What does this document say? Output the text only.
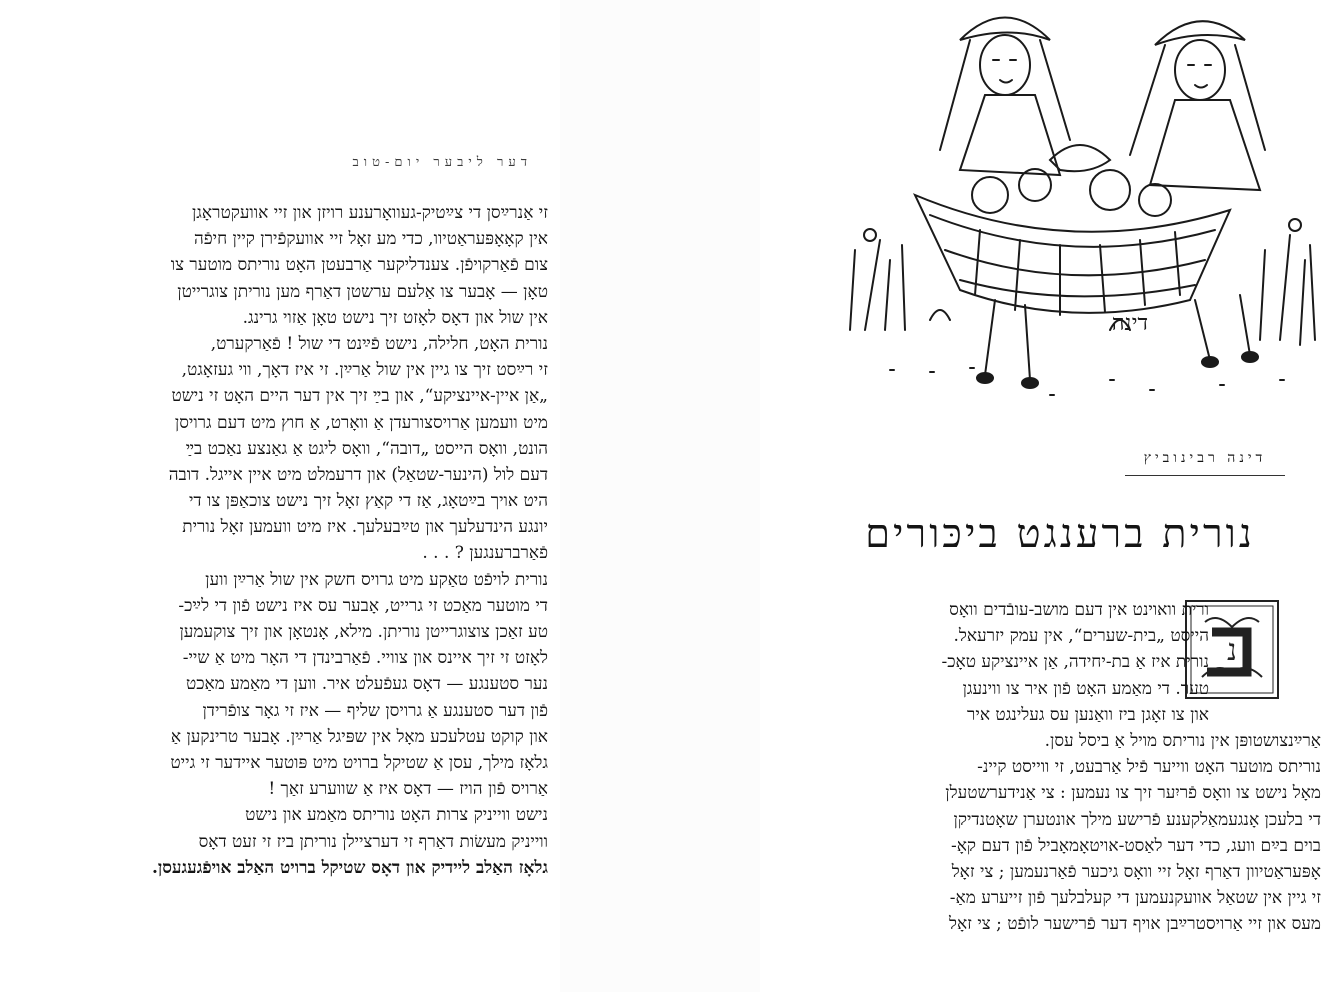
דער ליבער יום-טוב
זי אַנרײַסן די צײַטיק-געוואָרענע רויזן און זיי אוועקטראָגן
אין קאָאָפּעראַטיוו, כדי מע זאָל זיי אוועקפֿירן קיין חיפֿה
צום פֿאַרקויפֿן. צענדליקער אַרבעטן האָט נוריתס מוטער צו
טאָן — אָבער צו אַלעם ערשטן דאַרף מען נוריתן צוגרייטן
אין שול און דאָס לאָזט זיך נישט טאָן אַזוי גרינג.
נורית האָט, חלילה, נישט פֿײַנט די שול ! פֿאַרקערט,
זי רײַסט זיך צו גיין אין שול אַרײַן. זי איז דאָך, ווי געזאָגט,
„אַן איין-איינציקע“, און בײַ זיך אין דער היים האָט זי נישט
מיט וועמען אַרויסצורעדן אַ וואָרט, אַ חוץ מיט דעם גרויסן
הונט, וואָס הייסט „דובה“, וואָס ליגט אַ גאַנצע נאַכט בײַ
דעם לול (הינער-שטאַל) און דרעמלט מיט איין אייגל. דובה
היט אויך בײַטאָג, אַז די קאַץ זאָל זיך נישט צוכאַפּן צו די
יונגע הינדעלעך און טײַבעלעך. איז מיט וועמען זאָל נורית
פֿאַרברענגען ? . . .
נורית לויפֿט טאַקע מיט גרויס חשק אין שול אַרײַן ווען
די מוטער מאַכט זי גרייט, אָבער עס איז נישט פֿון די לײַכ-
טע זאַכן צוצוגרייטן נוריתן. מילא, אָנטאָן און זיך צוקעמען
לאָזט זי זיך איינס און צוויי. פֿאַרבינדן די האָר מיט אַ שיי-
נער סטענגע — דאָס געפֿעלט איר. ווען די מאַמע מאַכט
פֿון דער סטענגע אַ גרויסן שליף — איז זי גאָר צופֿרידן
און קוקט עטלעכע מאָל אין שפּיגל אַרײַן. אָבער טרינקען אַ
גלאָז מילך, עסן אַ שטיקל ברויט מיט פּוטער איידער זי גייט
אַרויס פֿון הויז — דאָס איז אַ שווערע זאַך !
נישט ווייניק צרות האָט נוריתס מאַמע און נישט
ווייניק מעשׂות דאַרף זי דערציילן נוריתן ביז זי זעט דאָס
גלאָז האַלב ליידיק און דאָס שטיקל ברויט האַלב אויפֿגעגעסן.
דינה
דינה רבינוביץ
נורית ברענגט ביכּורים
נ
ורית וואוינט אין דעם מושב-עובֿדים וואָס
הייסט „בית-שערים“, אין עמק יזרעאל.
נורית איז אַ בת-יחידה, אַן איינציקע טאָכ-
טער. די מאַמע האָט פֿון איר צו ווינעגן
און צו זאָגן ביז וואַנען עס געלינגט איר
אַרײַנצושטופּן אין נוריתס מויל אַ ביסל עסן.
נוריתס מוטער האָט ווייער פֿיל אַרבעט, זי ווייסט קיינ-
מאָל נישט צו וואָס פֿריִער זיך צו נעמען : צי אַנידערשטעלן
די בלעכן אָנגעמאַלקענע פֿרישע מילך אונטערן שאָטנדיקן
בוים בײַם וועג, כדי דער לאַסט-אויטאָמאָביל פֿון דעם קאָ-
אָפּעראַטיוון דאַרף זאָל זיי וואָס גיכער פֿאַרנעמען ; צי זאָל
זי גיין אין שטאַל אוועקנעמען די קעלבלעך פֿון זייערע מאַ-
מעס און זיי אַרויסטרײַבן אויף דער פֿרישער לופֿט ; צי זאָל
